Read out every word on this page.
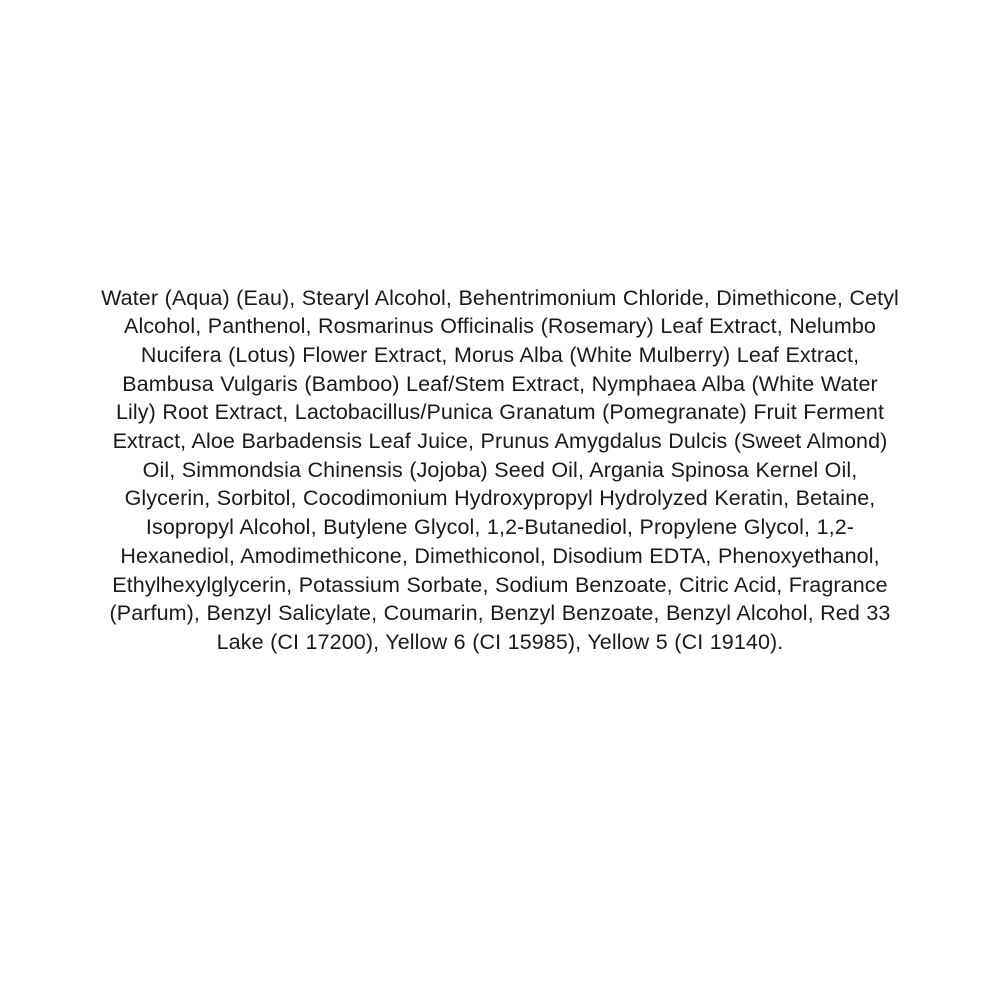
Water (Aqua) (Eau), Stearyl Alcohol, Behentrimonium Chloride, Dimethicone, Cetyl Alcohol, Panthenol, Rosmarinus Officinalis (Rosemary) Leaf Extract, Nelumbo Nucifera (Lotus) Flower Extract, Morus Alba (White Mulberry) Leaf Extract, Bambusa Vulgaris (Bamboo) Leaf/Stem Extract, Nymphaea Alba (White Water Lily) Root Extract, Lactobacillus/Punica Granatum (Pomegranate) Fruit Ferment Extract, Aloe Barbadensis Leaf Juice, Prunus Amygdalus Dulcis (Sweet Almond) Oil, Simmondsia Chinensis (Jojoba) Seed Oil, Argania Spinosa Kernel Oil, Glycerin, Sorbitol, Cocodimonium Hydroxypropyl Hydrolyzed Keratin, Betaine, Isopropyl Alcohol, Butylene Glycol, 1,2-Butanediol, Propylene Glycol, 1,2-Hexanediol, Amodimethicone, Dimethiconol, Disodium EDTA, Phenoxyethanol, Ethylhexylglycerin, Potassium Sorbate, Sodium Benzoate, Citric Acid, Fragrance (Parfum), Benzyl Salicylate, Coumarin, Benzyl Benzoate, Benzyl Alcohol, Red 33 Lake (CI 17200), Yellow 6 (CI 15985), Yellow 5 (CI 19140).
